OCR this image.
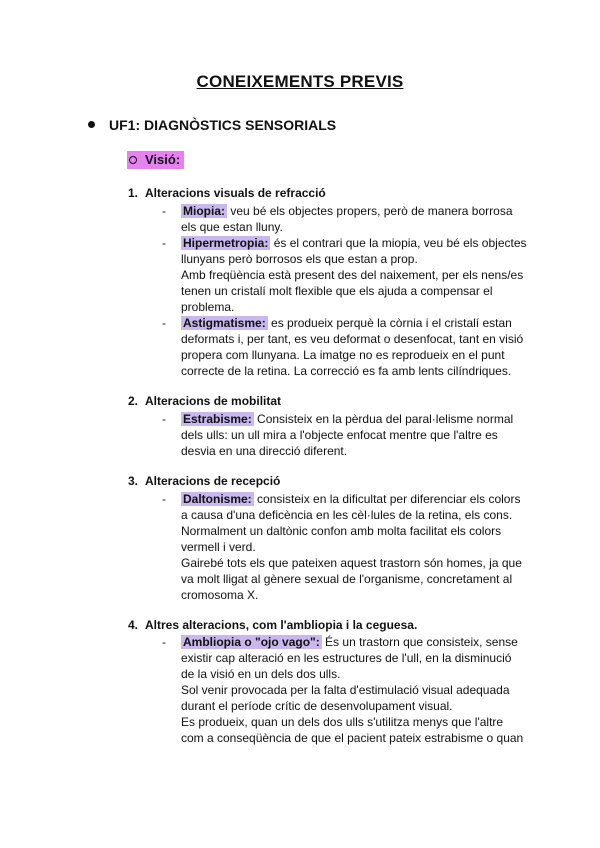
CONEIXEMENTS PREVIS
UF1: DIAGNÒSTICS SENSORIALS
Visió:
1. Alteracions visuals de refracció
- Miopia: veu bé els objectes propers, però de manera borrosa
els que estan lluny.
- Hipermetropia: és el contrari que la miopia, veu bé els objectes
llunyans però borrosos els que estan a prop.
Amb freqüència està present des del naixement, per els nens/es
tenen un cristalí molt flexible que els ajuda a compensar el
problema.
- Astigmatisme: es produeix perquè la còrnia i el cristalí estan
deformats i, per tant, es veu deformat o desenfocat, tant en visió
propera com llunyana. La imatge no es reprodueix en el punt
correcte de la retina. La correcció es fa amb lents cilíndriques.
2. Alteracions de mobilitat
- Estrabisme: Consisteix en la pèrdua del paral·lelisme normal
dels ulls: un ull mira a l'objecte enfocat mentre que l'altre es
desvia en una direcció diferent.
3. Alteracions de recepció
- Daltonisme: consisteix en la dificultat per diferenciar els colors
a causa d'una deficència en les cèl·lules de la retina, els cons.
Normalment un daltònic confon amb molta facilitat els colors
vermell i verd.
Gairebé tots els que pateixen aquest trastorn són homes, ja que
va molt lligat al gènere sexual de l'organisme, concretament al
cromosoma X.
4. Altres alteracions, com l'ambliopia i la ceguesa.
- Ambliopia o "ojo vago": És un trastorn que consisteix, sense
existir cap alteració en les estructures de l'ull, en la disminució
de la visió en un dels dos ulls.
Sol venir provocada per la falta d'estimulació visual adequada
durant el període crític de desenvolupament visual.
Es produeix, quan un dels dos ulls s'utilitza menys que l'altre
com a conseqüència de que el pacient pateix estrabisme o quan
